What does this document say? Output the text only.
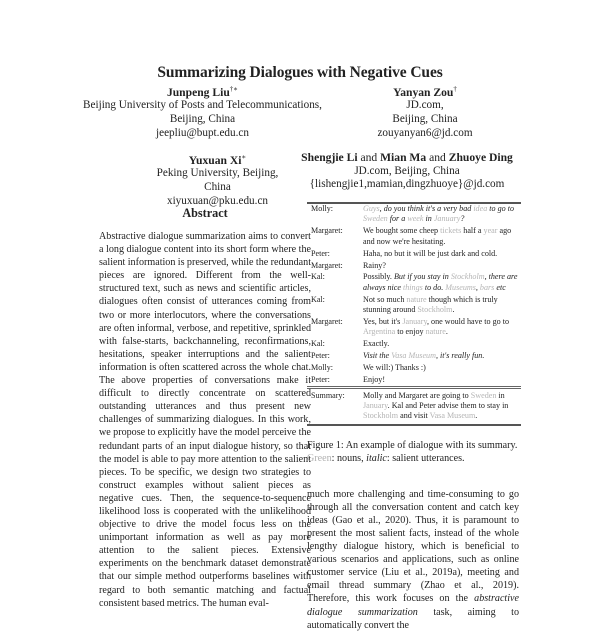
Summarizing Dialogues with Negative Cues
Junpeng Liu†∗
Beijing University of Posts and Telecommunications,
Beijing, China
jeepliu@bupt.edu.cn
Yanyan Zou†
JD.com,
Beijing, China
zouyanyan6@jd.com
Yuxuan Xi∗
Peking University, Beijing, China
xiyuxuan@pku.edu.cn
Shengjie Li and Mian Ma and Zhuoye Ding
JD.com, Beijing, China
{lishengjie1,mamian,dingzhuoye}@jd.com
Abstract
Abstractive dialogue summarization aims to convert a long dialogue content into its short form where the salient information is preserved, while the redundant pieces are ignored. Different from the well-structured text, such as news and scientific articles, dialogues often consist of utterances coming from two or more interlocutors, where the conversations are often informal, verbose, and repetitive, sprinkled with false-starts, backchanneling, reconfirmations, hesitations, speaker interruptions and the salient information is often scattered across the whole chat. The above properties of conversations make it difficult to directly concentrate on scattered outstanding utterances and thus present new challenges of summarizing dialogues. In this work, we propose to explicitly have the model perceive the redundant parts of an input dialogue history, so that the model is able to pay more attention to the salient pieces. To be specific, we design two strategies to construct examples without salient pieces as negative cues. Then, the sequence-to-sequence likelihood loss is cooperated with the unlikelihood objective to drive the model focus less on the unimportant information as well as pay more attention to the salient pieces. Extensive experiments on the benchmark dataset demonstrate that our simple method outperforms baselines with regard to both semantic matching and factual consistent based metrics. The human eval-
Molly:	Guys, do you think it's a very bad idea to go to Sweden for a week in January?
Margaret:	We bought some cheep tickets half a year ago and now we're hesitating.
Peter:	Haha, no but it will be just dark and cold.
Margaret:	Rainy?
Kal:	Possibly. But if you stay in Stockholm, there are always nice things to do. Museums, bars etc
Kal:	Not so much nature though which is truly stunning around Stockholm.
Margaret:	Yes, but it's January, one would have to go to Argentina to enjoy nature.
Kal:	Exactly.
Peter:	Visit the Vasa Museum, it's really fun.
Molly:	We will:) Thanks :)
Peter:	Enjoy!
Summary:	Molly and Margaret are going to Sweden in January. Kal and Peter advise them to stay in Stockholm and visit Vasa Museum.
Figure 1: An example of dialogue with its summary.
Green: nouns, italic: salient utterances.
much more challenging and time-consuming to go through all the conversation content and catch key ideas (Gao et al., 2020). Thus, it is paramount to present the most salient facts, instead of the whole lengthy dialogue history, which is beneficial to various scenarios and applications, such as online customer service (Liu et al., 2019a), meeting and email thread summary (Zhao et al., 2019). Therefore, this work focuses on the abstractive dialogue summarization task, aiming to automatically convert the
